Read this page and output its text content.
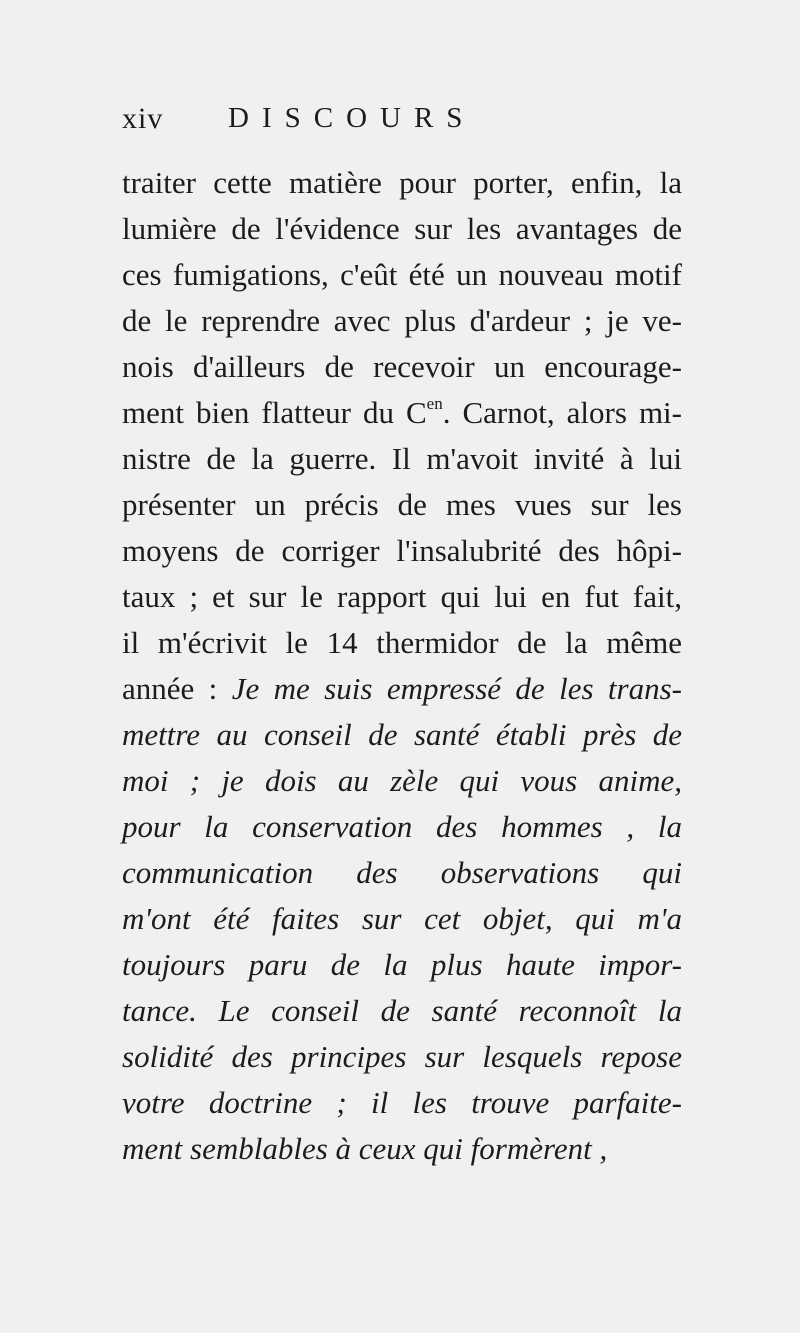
xiv DISCOURS
traiter cette matière pour porter, enfin, la
lumière de l'évidence sur les avantages de
ces fumigations, c'eût été un nouveau motif
de le reprendre avec plus d'ardeur ; je ve-
nois d'ailleurs de recevoir un encourage-
ment bien flatteur du $C^{en}$. Carnot, alors mi-
nistre de la guerre. Il m'avoit invité à lui
présenter un précis de mes vues sur les
moyens de corriger l'insalubrité des hôpi-
taux ; et sur le rapport qui lui en fut fait,
il m'écrivit le 14 thermidor de la même
année : Je me suis empressé de les trans-
mettre au conseil de santé établi près de
moi ; je dois au zèle qui vous anime,
pour la conservation des hommes , la
communication des observations qui
m'ont été faites sur cet objet, qui m'a
toujours paru de la plus haute impor-
tance. Le conseil de santé reconnoît la
solidité des principes sur lesquels repose
votre doctrine ; il les trouve parfaite-
ment semblables à ceux qui formèrent ,
